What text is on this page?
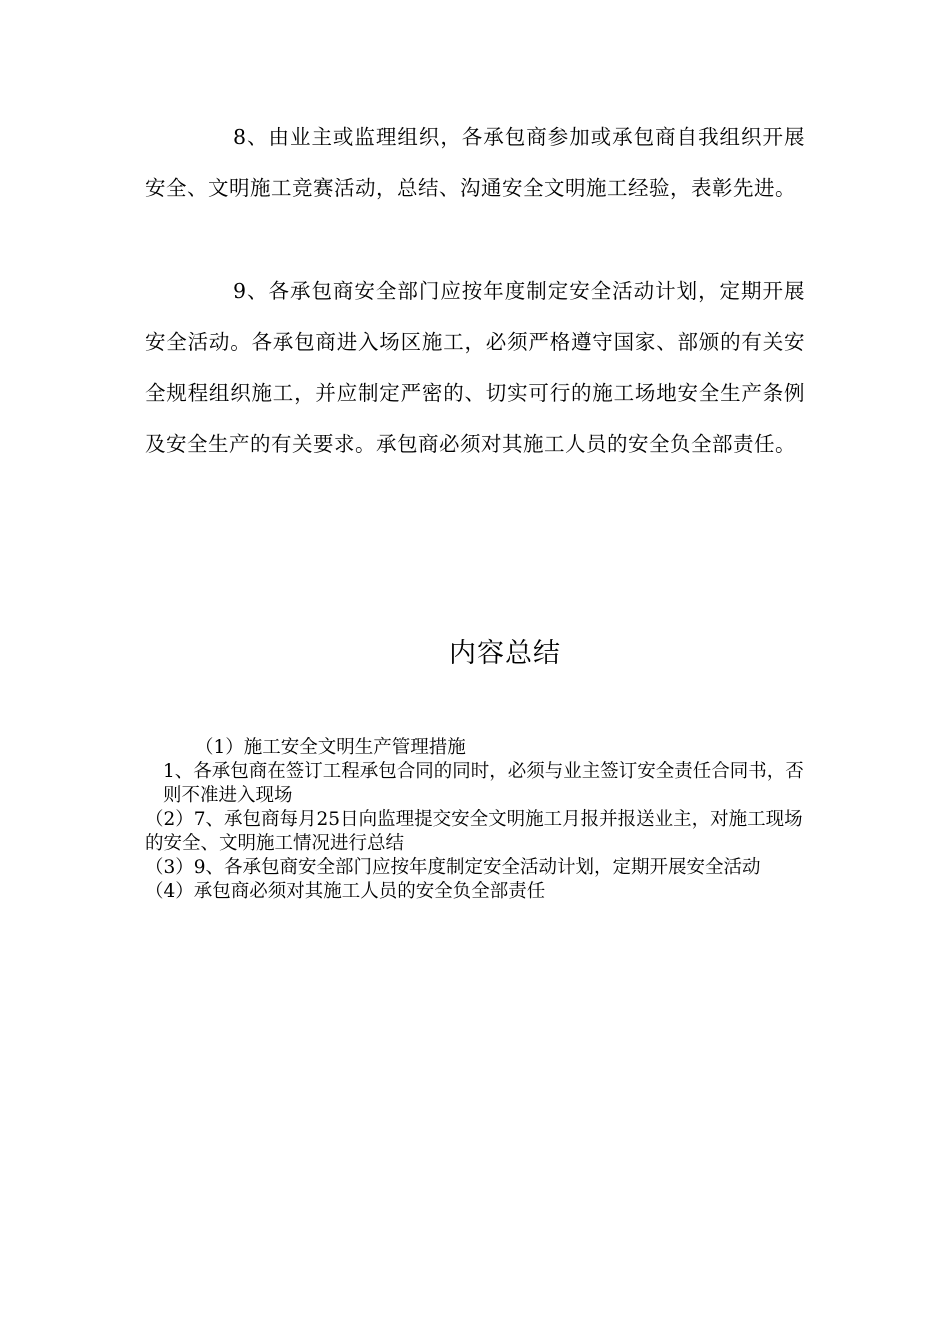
8、由业主或监理组织，各承包商参加或承包商自我组织开展安全、文明施工竞赛活动，总结、沟通安全文明施工经验，表彰先进。

9、各承包商安全部门应按年度制定安全活动计划，定期开展安全活动。各承包商进入场区施工，必须严格遵守国家、部颁的有关安全规程组织施工，并应制定严密的、切实可行的施工场地安全生产条例及安全生产的有关要求。承包商必须对其施工人员的安全负全部责任。

内容总结
（1）施工安全文明生产管理措施
1、各承包商在签订工程承包合同的同时，必须与业主签订安全责任合同书，否则不准进入现场
（2）7、承包商每月25日向监理提交安全文明施工月报并报送业主，对施工现场的安全、文明施工情况进行总结
（3）9、各承包商安全部门应按年度制定安全活动计划，定期开展安全活动
（4）承包商必须对其施工人员的安全负全部责任
